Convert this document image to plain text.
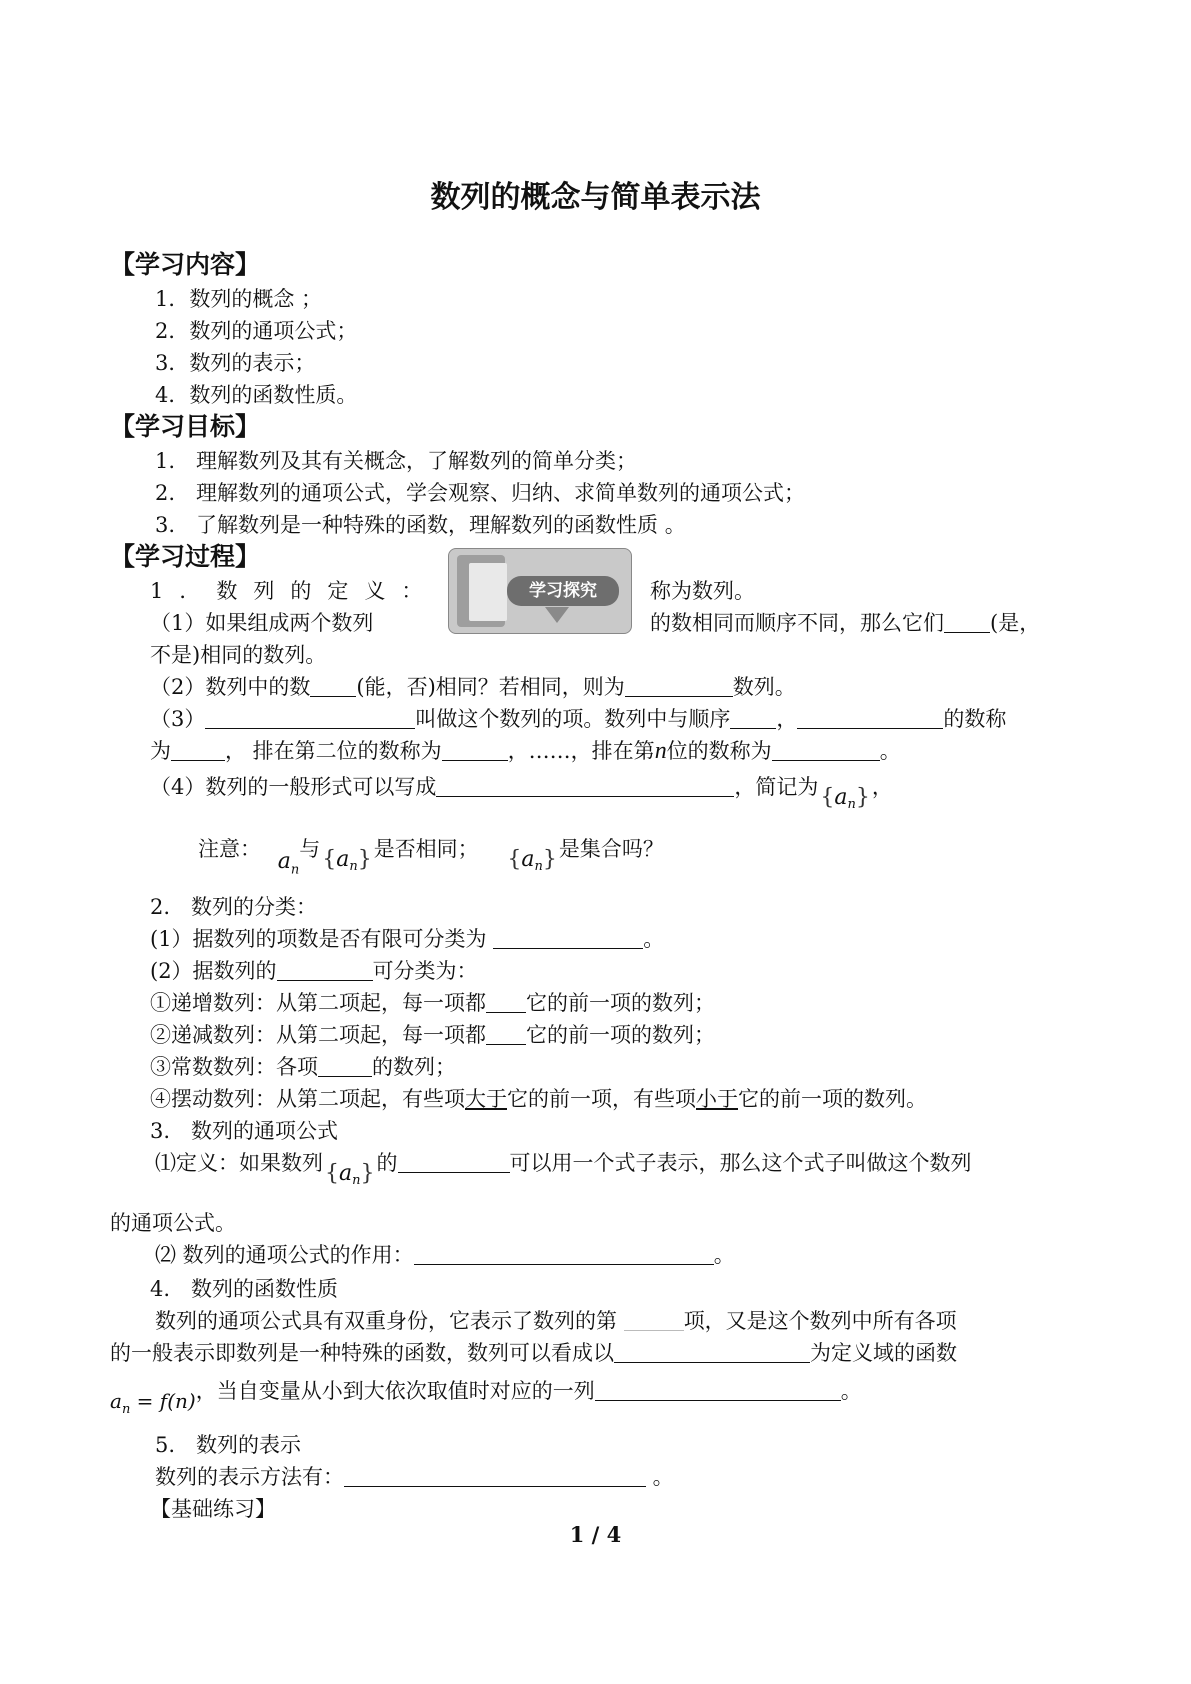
数列的概念与简单表示法
【学习内容】
1．数列的概念 ；
2．数列的通项公式；
3．数列的表示；
4．数列的函数性质。
【学习目标】
1.　理解数列及其有关概念，了解数列的简单分类；
2.　理解数列的通项公式，学会观察、归纳、求简单数列的通项公式；
3.　了解数列是一种特殊的函数，理解数列的函数性质 。
【学习过程】
学习探究
1．数列的定义：	称为数列。
（1）如果组成两个数列	的数相同而顺序不同，那么它们 (是，
不是)相同的数列。
（2）数列中的数 (能，否)相同？若相同，则为	数列。
（3）	叫做这个数列的项。数列中与顺序 ，	的数称
为	， 排在第二位的数称为	，……，排在第n位的数称为	。
（4）数列的一般形式可以写成	，简记为$\{a_n\}$，
注意： $a_n$与$\{a_n\}$是否相同； $\{a_n\}$是集合吗？
2.　数列的分类：
(1）据数列的项数是否有限可分类为	。
(2）据数列的	可分类为：
①递增数列：从第二项起，每一项都 它的前一项的数列；
②递减数列：从第二项起，每一项都 它的前一项的数列；
③常数数列：各项	的数列；
④摆动数列：从第二项起，有些项大于它的前一项，有些项小于它的前一项的数列。
3.　数列的通项公式
⑴定义：如果数列$\{a_n\}$的	可以用一个式子表示，那么这个式子叫做这个数列
的通项公式。
⑵ 数列的通项公式的作用：	。
4.　数列的函数性质
数列的通项公式具有双重身份，它表示了数列的第	项，又是这个数列中所有各项
的一般表示即数列是一种特殊的函数，数列可以看成以	为定义域的函数
$a_n = f(n)$，当自变量从小到大依次取值时对应的一列	。
5.　数列的表示
数列的表示方法有：	。
【基础练习】
1 / 4
